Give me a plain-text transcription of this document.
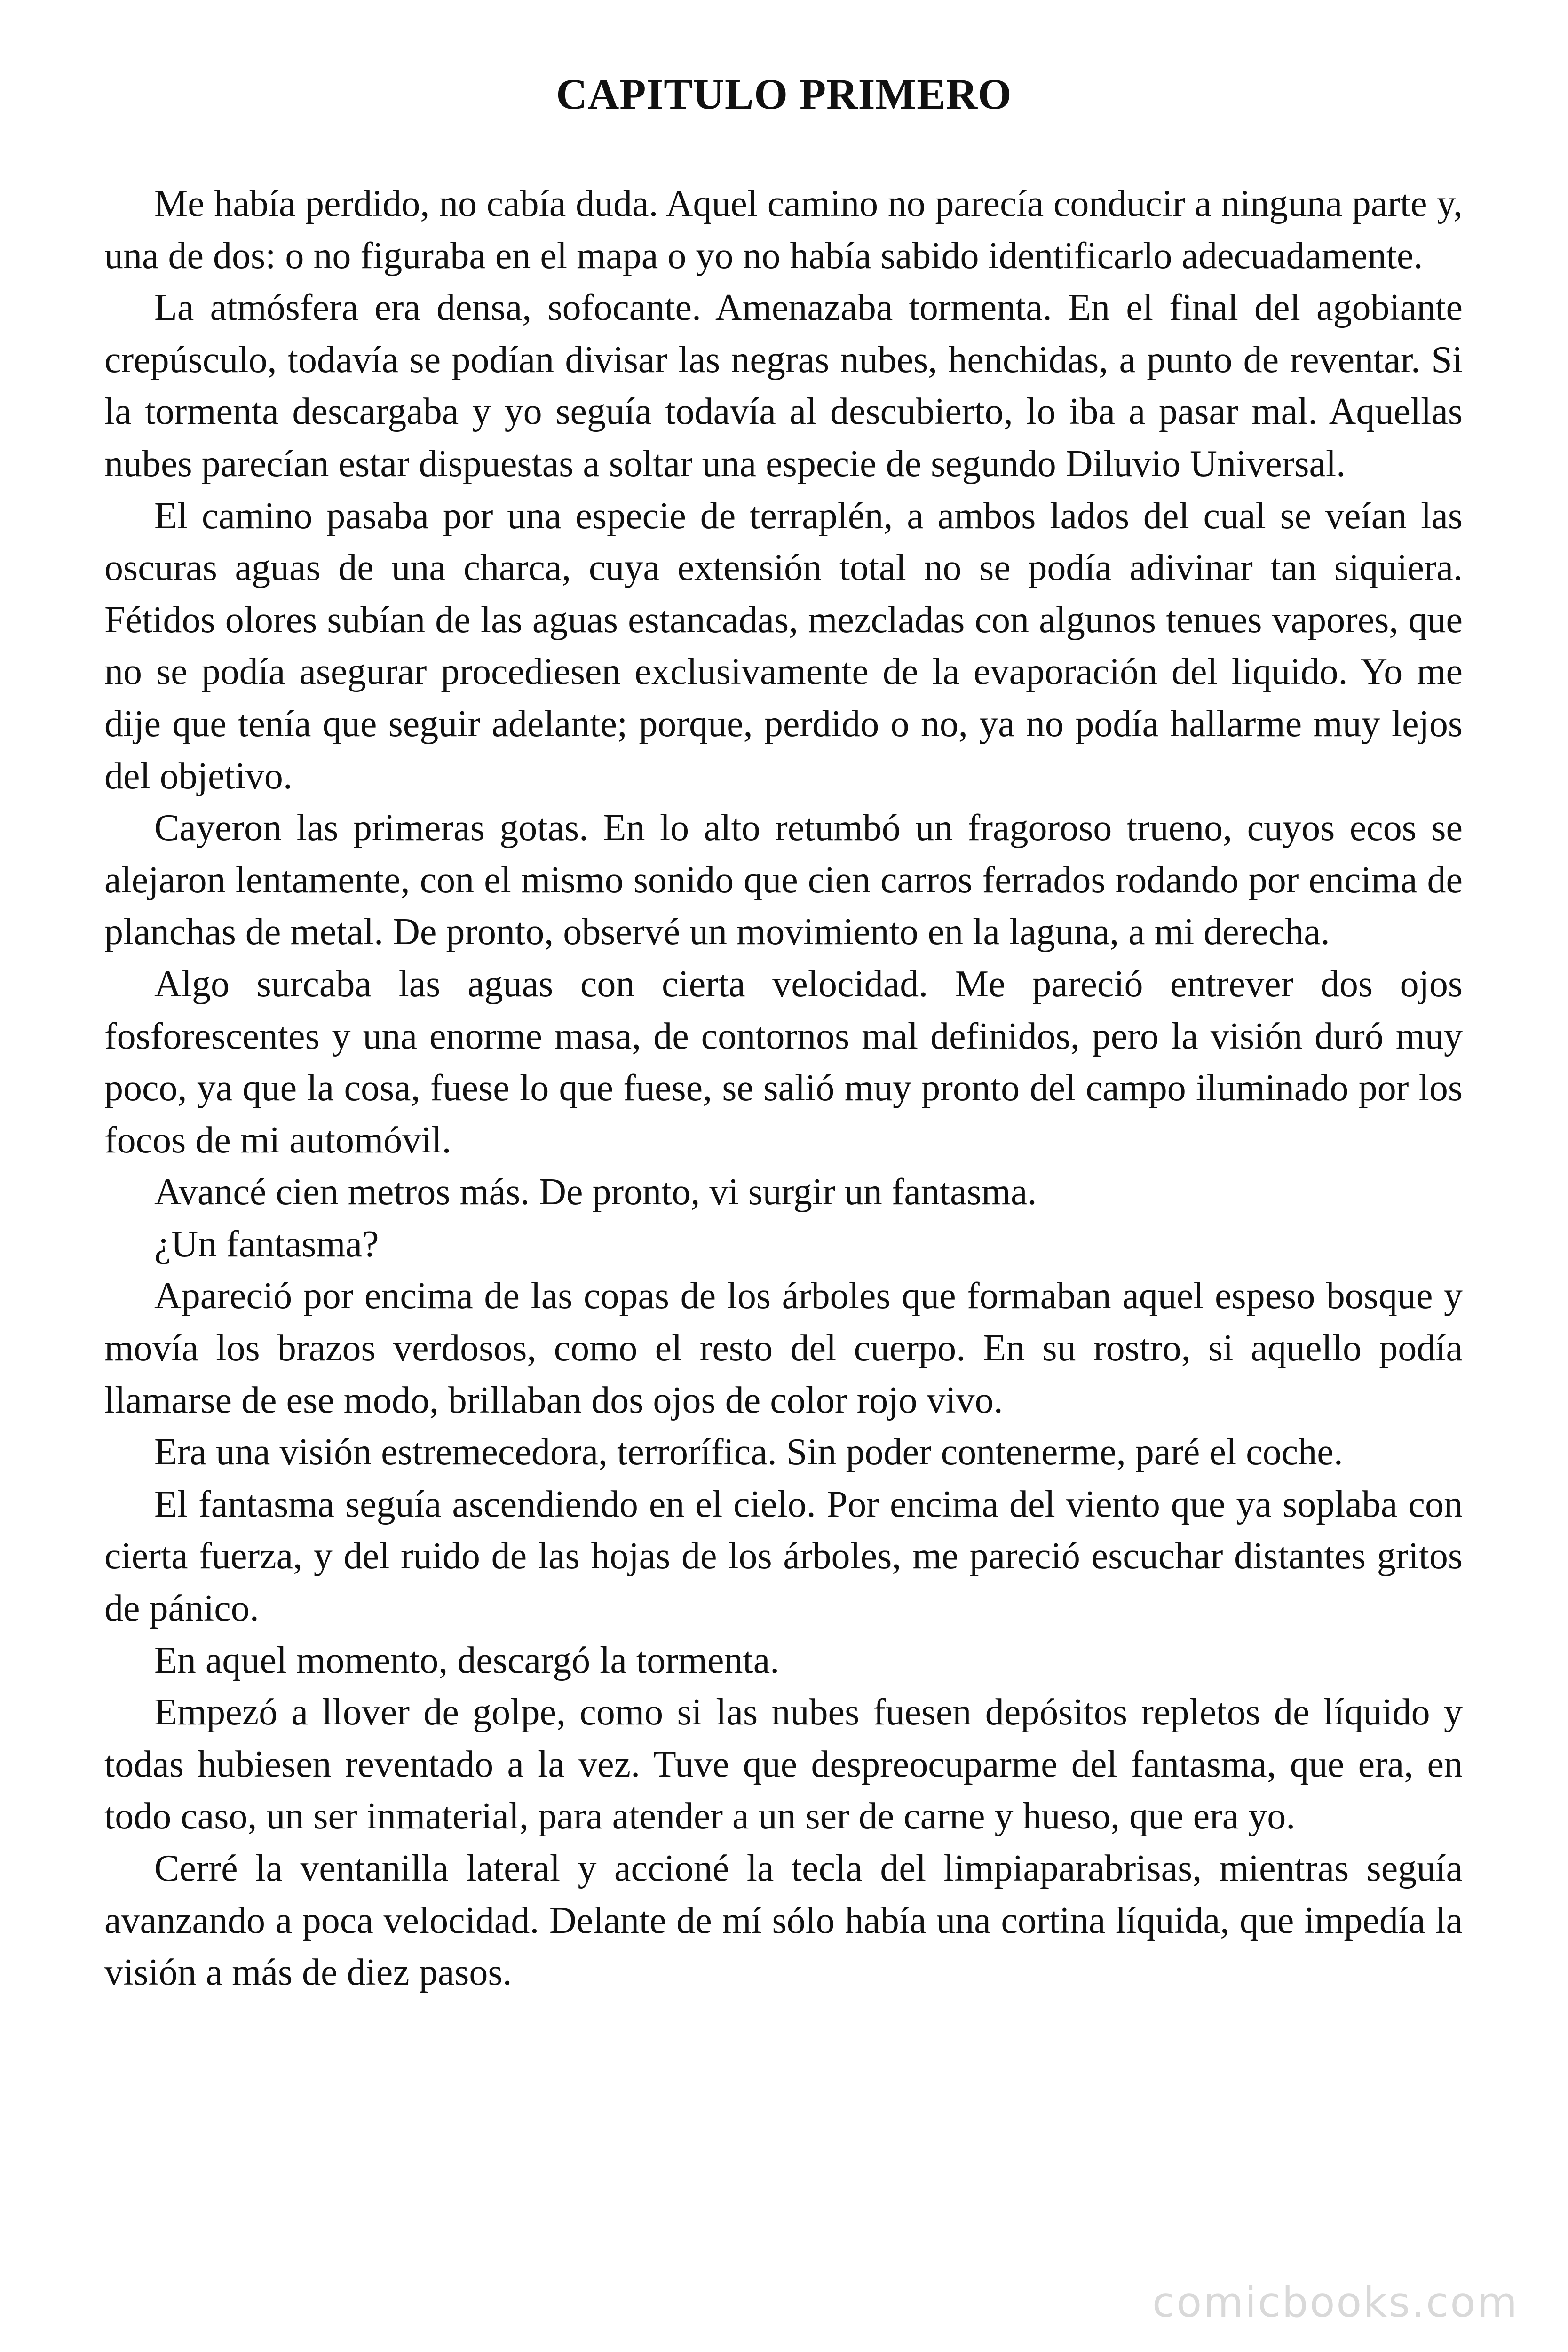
CAPITULO PRIMERO

Me había perdido, no cabía duda. Aquel camino no parecía conducir a ninguna parte y, una de dos: o no figuraba en el mapa o yo no había sabido identificarlo adecuadamente.

La atmósfera era densa, sofocante. Amenazaba tormenta. En el final del agobiante crepúsculo, todavía se podían divisar las negras nubes, henchidas, a punto de reventar. Si la tormenta descargaba y yo seguía todavía al descubierto, lo iba a pasar mal. Aquellas nubes parecían estar dispuestas a soltar una especie de segundo Diluvio Universal.

El camino pasaba por una especie de terraplén, a ambos lados del cual se veían las oscuras aguas de una charca, cuya extensión total no se podía adivinar tan siquiera. Fétidos olores subían de las aguas estancadas, mezcladas con algunos tenues vapores, que no se podía asegurar procediesen exclusivamente de la evaporación del liquido. Yo me dije que tenía que seguir adelante; porque, perdido o no, ya no podía hallarme muy lejos del objetivo.

Cayeron las primeras gotas. En lo alto retumbó un fragoroso trueno, cuyos ecos se alejaron lentamente, con el mismo sonido que cien carros ferrados rodando por encima de planchas de metal. De pronto, observé un movimiento en la laguna, a mi derecha.

Algo surcaba las aguas con cierta velocidad. Me pareció entrever dos ojos fosforescentes y una enorme masa, de contornos mal definidos, pero la visión duró muy poco, ya que la cosa, fuese lo que fuese, se salió muy pronto del campo iluminado por los focos de mi automóvil.

Avancé cien metros más. De pronto, vi surgir un fantasma.

¿Un fantasma?

Apareció por encima de las copas de los árboles que formaban aquel espeso bosque y movía los brazos verdosos, como el resto del cuerpo. En su rostro, si aquello podía llamarse de ese modo, brillaban dos ojos de color rojo vivo.

Era una visión estremecedora, terrorífica. Sin poder contenerme, paré el coche.

El fantasma seguía ascendiendo en el cielo. Por encima del viento que ya soplaba con cierta fuerza, y del ruido de las hojas de los árboles, me pareció escuchar distantes gritos de pánico.

En aquel momento, descargó la tormenta.

Empezó a llover de golpe, como si las nubes fuesen depósitos repletos de líquido y todas hubiesen reventado a la vez. Tuve que despreocuparme del fantasma, que era, en todo caso, un ser inmaterial, para atender a un ser de carne y hueso, que era yo.

Cerré la ventanilla lateral y accioné la tecla del limpiaparabrisas, mientras seguía avanzando a poca velocidad. Delante de mí sólo había una cortina líquida, que impedía la visión a más de diez pasos.

comicbooks.com
